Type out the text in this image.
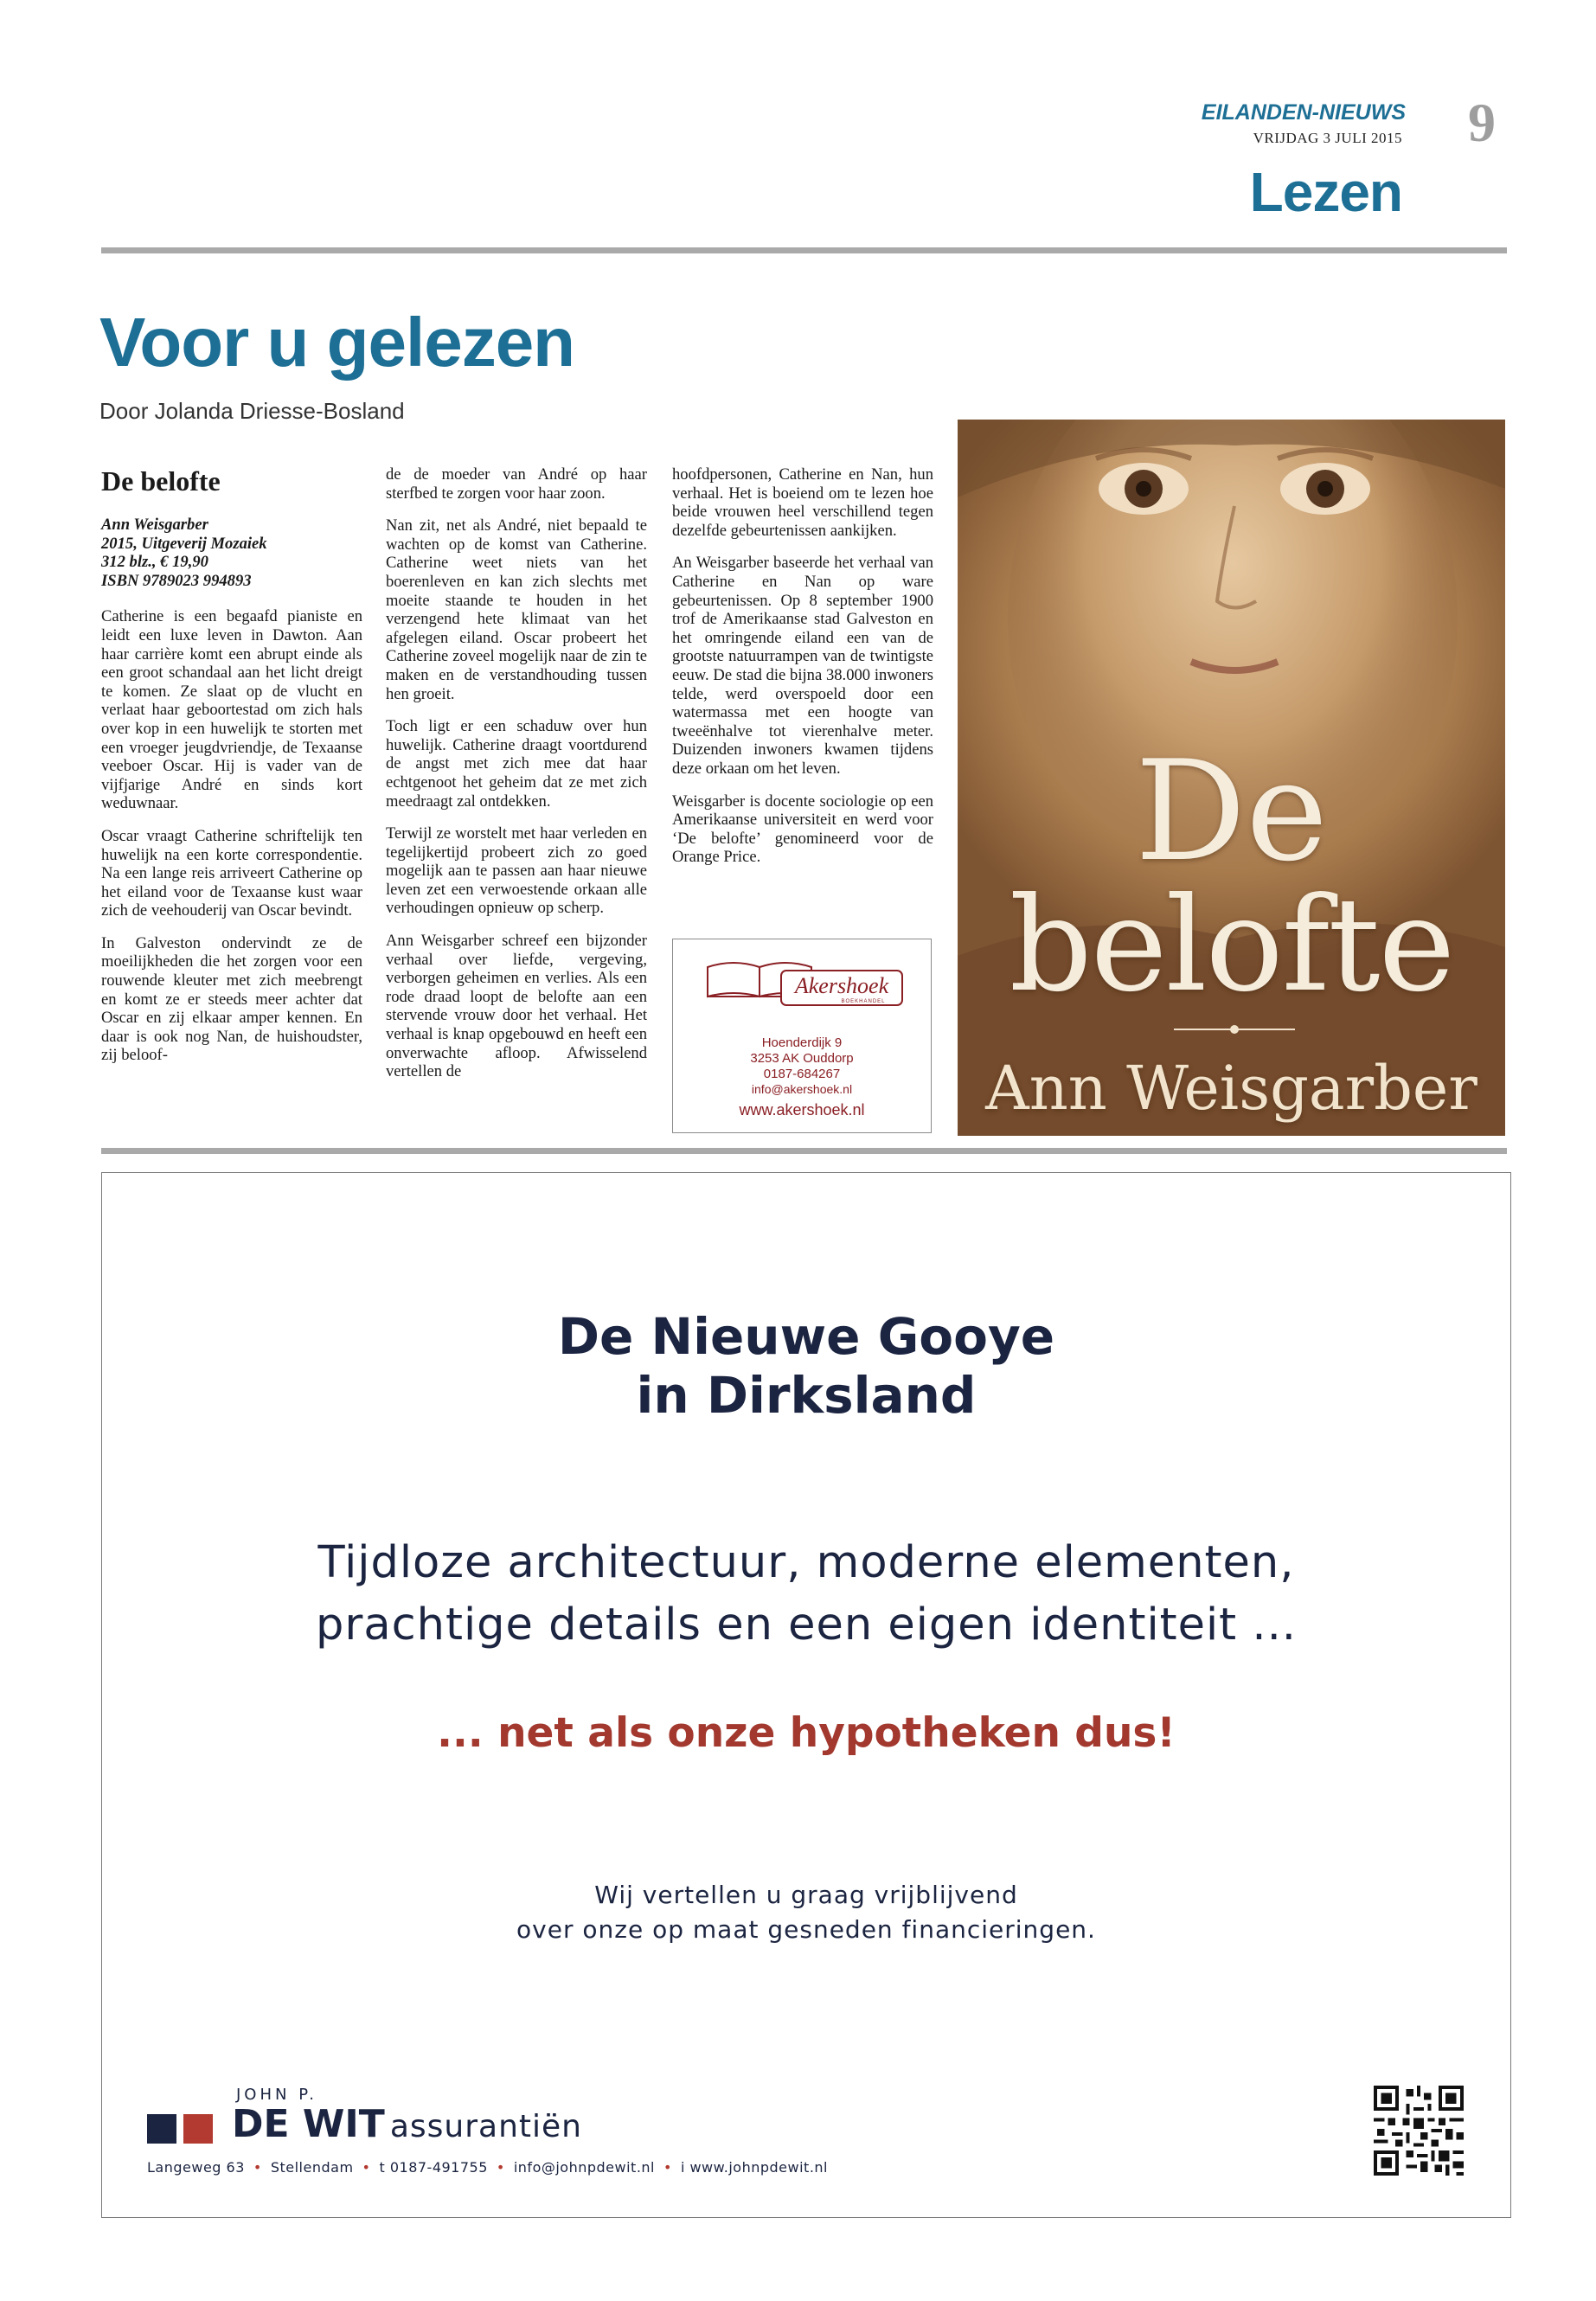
EILANDEN-NIEUWS
VRIJDAG 3 JULI 2015 9
Lezen
Voor u gelezen
Door Jolanda Driesse-Bosland
De belofte
Ann Weisgarber
2015, Uitgeverij Mozaiek
312 blz., € 19,90
ISBN 9789023 994893

Catherine is een begaafd pianiste en leidt een luxe leven in Dawton. Aan haar carrière komt een abrupt einde als een groot schandaal aan het licht dreigt te komen. Ze slaat op de vlucht en verlaat haar geboortestad om zich hals over kop in een huwelijk te storten met een vroeger jeugdvriendje, de Texaanse veeboer Oscar. Hij is vader van de vijfjarige André en sinds kort weduwnaar.

Oscar vraagt Catherine schriftelijk ten huwelijk na een korte correspondentie. Na een lange reis arriveert Catherine op het eiland voor de Texaanse kust waar zich de veehouderij van Oscar bevindt.

In Galveston ondervindt ze de moeilijkheden die het zorgen voor een rouwende kleuter met zich meebrengt en komt ze er steeds meer achter dat Oscar en zij elkaar amper kennen. En daar is ook nog Nan, de huishoudster, zij beloof-

de de moeder van André op haar sterfbed te zorgen voor haar zoon.

Nan zit, net als André, niet bepaald te wachten op de komst van Catherine. Catherine weet niets van het boerenleven en kan zich slechts met moeite staande te houden in het verzengend hete klimaat van het afgelegen eiland. Oscar probeert het Catherine zoveel mogelijk naar de zin te maken en de verstandhouding tussen hen groeit.

Toch ligt er een schaduw over hun huwelijk. Catherine draagt voortdurend de angst met zich mee dat haar echtgenoot het geheim dat ze met zich meedraagt zal ontdekken.

Terwijl ze worstelt met haar verleden en tegelijkertijd probeert zich zo goed mogelijk aan te passen aan haar nieuwe leven zet een verwoestende orkaan alle verhoudingen opnieuw op scherp.

Ann Weisgarber schreef een bijzonder verhaal over liefde, vergeving, verborgen geheimen en verlies. Als een rode draad loopt de belofte aan een stervende vrouw door het verhaal. Het verhaal is knap opgebouwd en heeft een onverwachte afloop. Afwisselend vertellen de

hoofdpersonen, Catherine en Nan, hun verhaal. Het is boeiend om te lezen hoe beide vrouwen heel verschillend tegen dezelfde gebeurtenissen aankijken.

An Weisgarber baseerde het verhaal van Catherine en Nan op ware gebeurtenissen. Op 8 september 1900 trof de Amerikaanse stad Galveston en het omringende eiland een van de grootste natuurrampen van de twintigste eeuw. De stad die bijna 38.000 inwoners telde, werd overspoeld door een watermassa met een hoogte van tweeënhalve tot vierenhalve meter. Duizenden inwoners kwamen tijdens deze orkaan om het leven.

Weisgarber is docente sociologie op een Amerikaanse universiteit en werd voor ‘De belofte’ genomineerd voor de Orange Price.

Akershoek
BOEKHANDEL
Hoenderdijk 9
3253 AK Ouddorp
0187-684267
info@akershoek.nl
www.akershoek.nl
De
belofte
Ann Weisgarber
De Nieuwe Gooye
in Dirksland
Tijdloze architectuur, moderne elementen,
prachtige details en een eigen identiteit ...
... net als onze hypotheken dus!
Wij vertellen u graag vrijblijvend
over onze op maat gesneden financieringen.
JOHN P.
DE WIT assurantiën
Langeweg 63 • Stellendam • t 0187-491755 • info@johnpdewit.nl • i www.johnpdewit.nl
